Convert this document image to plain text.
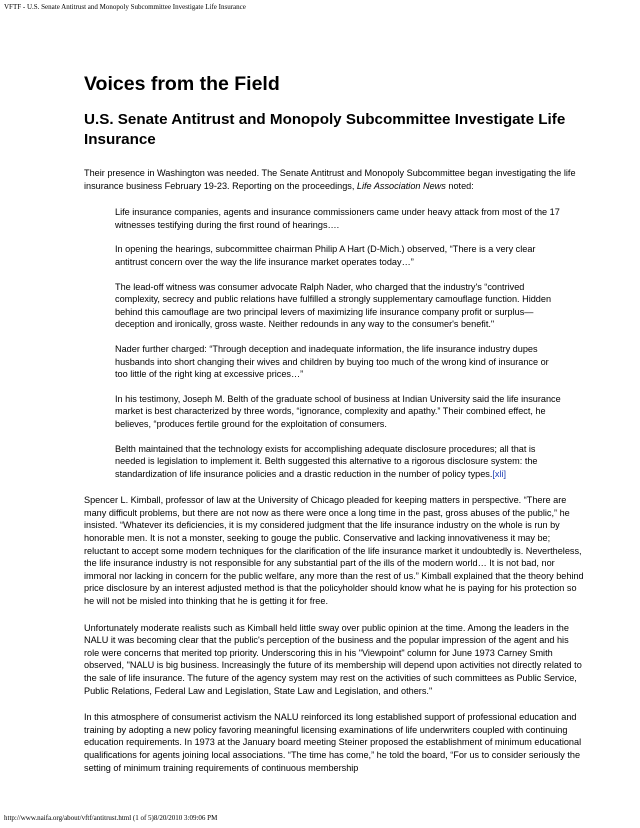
VFTF - U.S. Senate Antitrust and Monopoly Subcommittee Investigate Life Insurance
Voices from the Field
U.S. Senate Antitrust and Monopoly Subcommittee Investigate Life Insurance

Their presence in Washington was needed. The Senate Antitrust and Monopoly Subcommittee began investigating the life insurance business February 19-23. Reporting on the proceedings, Life Association News noted:

Life insurance companies, agents and insurance commissioners came under heavy attack from most of the 17 witnesses testifying during the first round of hearings….

In opening the hearings, subcommittee chairman Philip A Hart (D-Mich.) observed, “There is a very clear antitrust concern over the way the life insurance market operates today…”

The lead-off witness was consumer advocate Ralph Nader, who charged that the industry's “contrived complexity, secrecy and public relations have fulfilled a strongly supplementary camouflage function. Hidden behind this camouflage are two principal levers of maximizing life insurance company profit or surplus—deception and ironically, gross waste. Neither redounds in any way to the consumer's benefit."

Nader further charged: “Through deception and inadequate information, the life insurance industry dupes husbands into short changing their wives and children by buying too much of the wrong kind of insurance or too little of the right king at excessive prices…”

In his testimony, Joseph M. Belth of the graduate school of business at Indian University said the life insurance market is best characterized by three words, “ignorance, complexity and apathy.” Their combined effect, he believes, “produces fertile ground for the exploitation of consumers.

Belth maintained that the technology exists for accomplishing adequate disclosure procedures; all that is needed is legislation to implement it. Belth suggested this alternative to a rigorous disclosure system: the standardization of life insurance policies and a drastic reduction in the number of policy types.[xli]

Spencer L. Kimball, professor of law at the University of Chicago pleaded for keeping matters in perspective. “There are many difficult problems, but there are not now as there were once a long time in the past, gross abuses of the public,” he insisted. “Whatever its deficiencies, it is my considered judgment that the life insurance industry on the whole is run by honorable men. It is not a monster, seeking to gouge the public. Conservative and lacking innovativeness it may be; reluctant to accept some modern techniques for the clarification of the life insurance market it undoubtedly is. Nevertheless, the life insurance industry is not responsible for any substantial part of the ills of the modern world… It is not bad, nor immoral nor lacking in concern for the public welfare, any more than the rest of us.” Kimball explained that the theory behind price disclosure by an interest adjusted method is that the policyholder should know what he is paying for his protection so he will not be misled into thinking that he is getting it for free.

Unfortunately moderate realists such as Kimball held little sway over public opinion at the time. Among the leaders in the NALU it was becoming clear that the public's perception of the business and the popular impression of the agent and his role were concerns that merited top priority. Underscoring this in his "Viewpoint" column for June 1973 Carney Smith observed, "NALU is big business. Increasingly the future of its membership will depend upon activities not directly related to the sale of life insurance. The future of the agency system may rest on the activities of such committees as Public Service, Public Relations, Federal Law and Legislation, State Law and Legislation, and others."

In this atmosphere of consumerist activism the NALU reinforced its long established support of professional education and training by adopting a new policy favoring meaningful licensing examinations of life underwriters coupled with continuing education requirements. In 1973 at the January board meeting Steiner proposed the establishment of minimum educational qualifications for agents joining local associations. “The time has come,” he told the board, “For us to consider seriously the setting of minimum training requirements of continuous membership

http://www.naifa.org/about/vftf/antitrust.html (1 of 5)8/20/2010 3:09:06 PM
